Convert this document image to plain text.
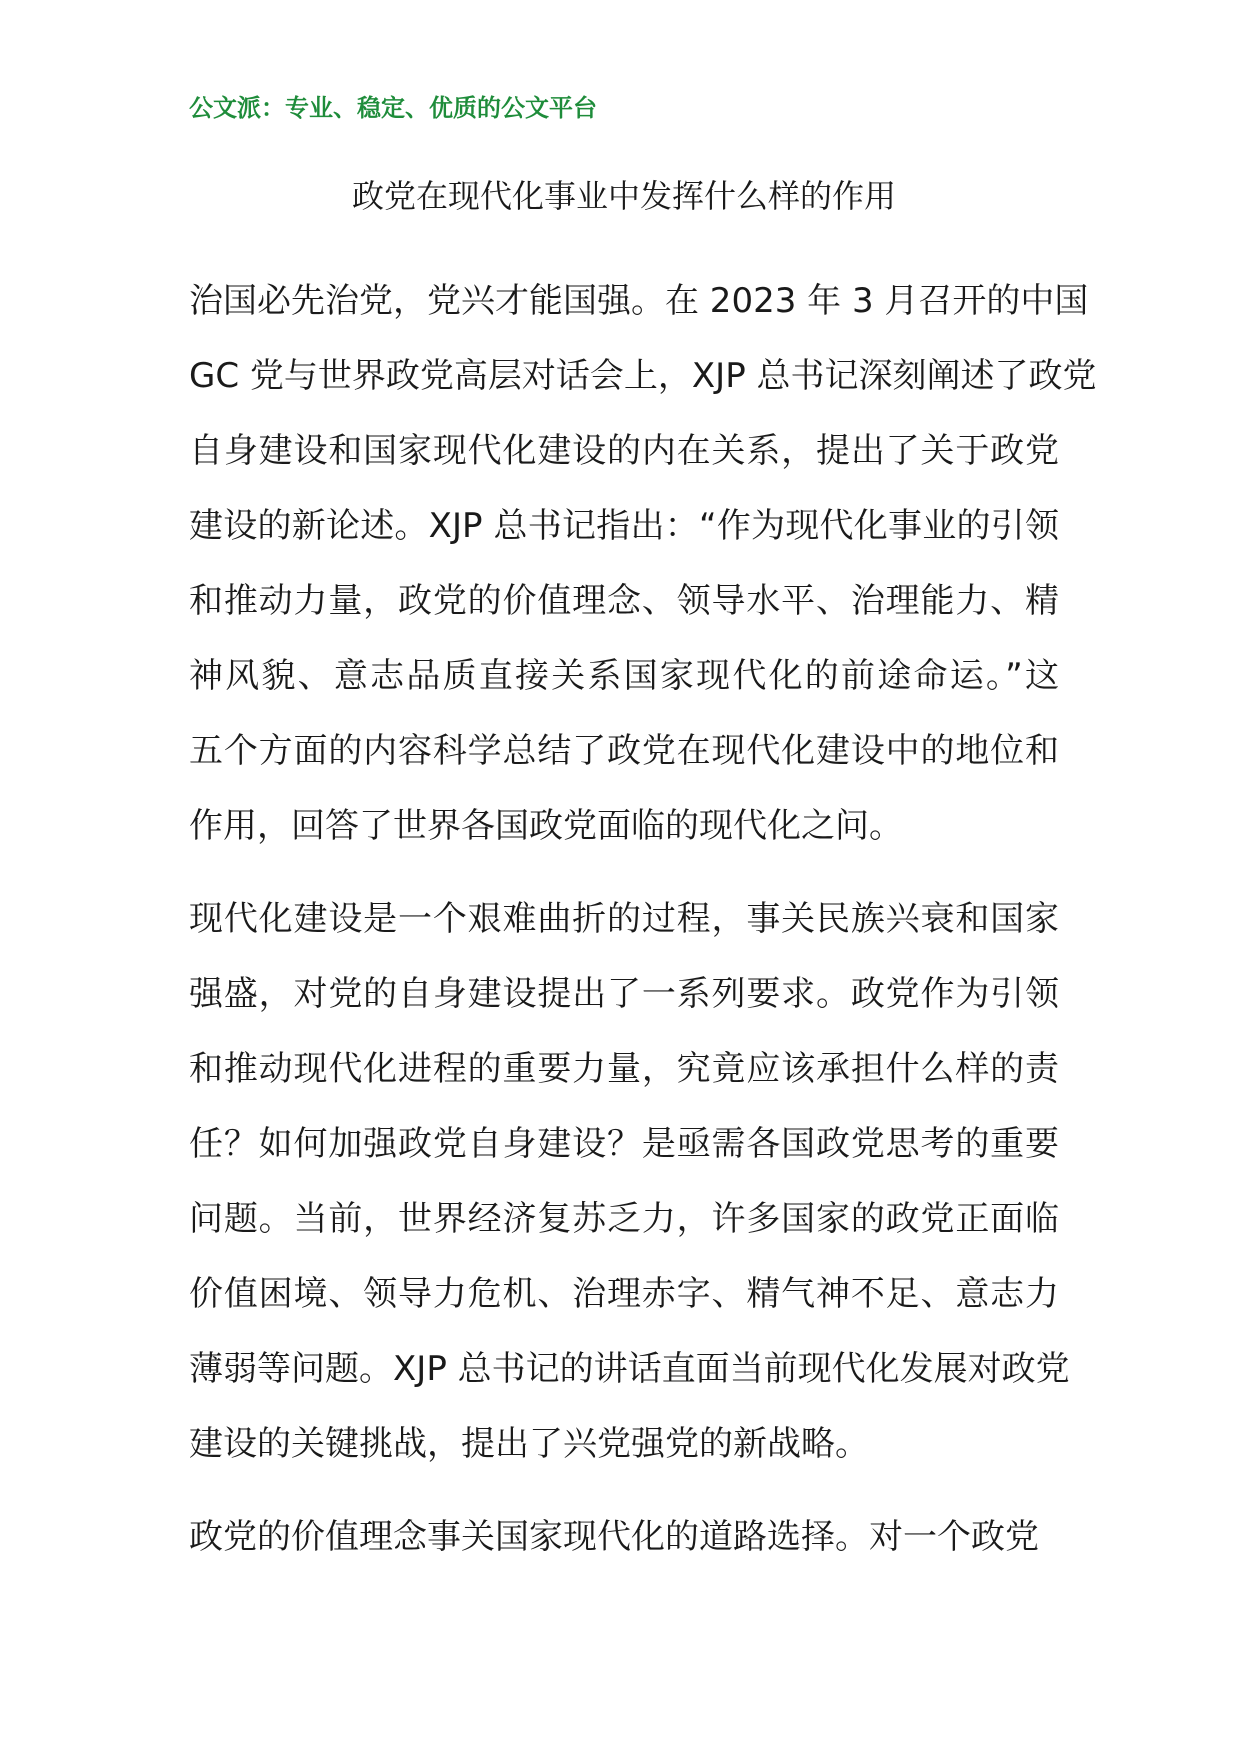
公文派：专业、稳定、优质的公文平台
政党在现代化事业中发挥什么样的作用

治国必先治党，党兴才能国强。在 2023 年 3 月召开的中国
GC 党与世界政党高层对话会上，XJP 总书记深刻阐述了政党
自身建设和国家现代化建设的内在关系，提出了关于政党
建设的新论述。XJP 总书记指出：“作为现代化事业的引领
和推动力量，政党的价值理念、领导水平、治理能力、精
神风貌、意志品质直接关系国家现代化的前途命运。”这
五个方面的内容科学总结了政党在现代化建设中的地位和
作用，回答了世界各国政党面临的现代化之问。

现代化建设是一个艰难曲折的过程，事关民族兴衰和国家
强盛，对党的自身建设提出了一系列要求。政党作为引领
和推动现代化进程的重要力量，究竟应该承担什么样的责
任？如何加强政党自身建设？是亟需各国政党思考的重要
问题。当前，世界经济复苏乏力，许多国家的政党正面临
价值困境、领导力危机、治理赤字、精气神不足、意志力
薄弱等问题。XJP 总书记的讲话直面当前现代化发展对政党
建设的关键挑战，提出了兴党强党的新战略。

政党的价值理念事关国家现代化的道路选择。对一个政党
